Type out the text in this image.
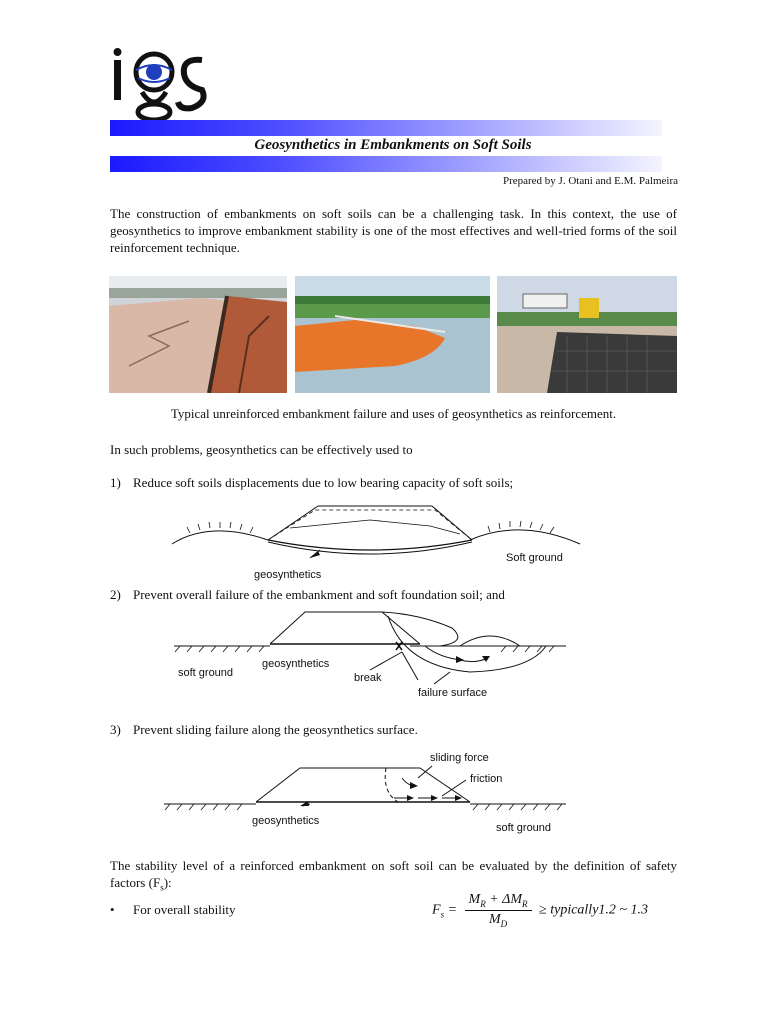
Geosynthetics in Embankments on Soft Soils
Prepared by J. Otani and E.M. Palmeira
The construction of embankments on soft soils can be a challenging task. In this context, the use of geosynthetics to improve embankment stability is one of the most effectives and well-tried forms of the soil reinforcement technique.
Typical unreinforced embankment failure and uses of geosynthetics as reinforcement.
In such problems, geosynthetics can be effectively used to
1) Reduce soft soils displacements due to low bearing capacity of soft soils;
Soft ground
geosynthetics
2) Prevent overall failure of the embankment and soft foundation soil; and
soft ground
geosynthetics
break
failure surface
3) Prevent sliding failure along the geosynthetics surface.
sliding force
friction
geosynthetics
soft ground
The stability level of a reinforced embankment on soft soil can be evaluated by the definition of safety factors $(F_s)$:
• For overall stability	$F_s = \frac{M_R + \Delta M_R}{M_D}$ ≥ typically1.2 ~ 1.3
